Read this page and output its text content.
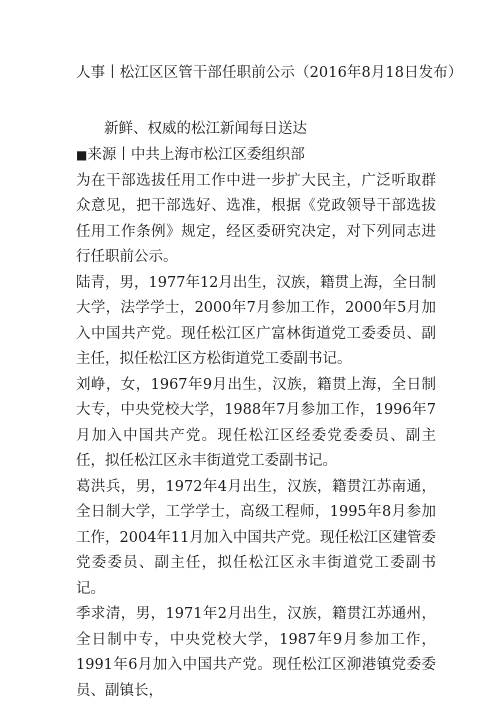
人事丨松江区区管干部任职前公示（2016年8月18日发布）
新鲜、权威的松江新闻每日送达

■来源丨中共上海市松江区委组织部

为在干部选拔任用工作中进一步扩大民主，广泛听取群众意见，把干部选好、选准，根据《党政领导干部选拔任用工作条例》规定，经区委研究决定，对下列同志进行任职前公示。

陆青，男，1977年12月出生，汉族，籍贯上海，全日制大学，法学学士，2000年7月参加工作，2000年5月加入中国共产党。现任松江区广富林街道党工委委员、副主任，拟任松江区方松街道党工委副书记。

刘峥，女，1967年9月出生，汉族，籍贯上海，全日制大专，中央党校大学，1988年7月参加工作，1996年7月加入中国共产党。现任松江区经委党委委员、副主任，拟任松江区永丰街道党工委副书记。

葛洪兵，男，1972年4月出生，汉族，籍贯江苏南通，全日制大学，工学学士，高级工程师，1995年8月参加工作，2004年11月加入中国共产党。现任松江区建管委党委委员、副主任，拟任松江区永丰街道党工委副书记。

季求清，男，1971年2月出生，汉族，籍贯江苏通州，全日制中专，中央党校大学，1987年9月参加工作，1991年6月加入中国共产党。现任松江区泖港镇党委委员、副镇长，
